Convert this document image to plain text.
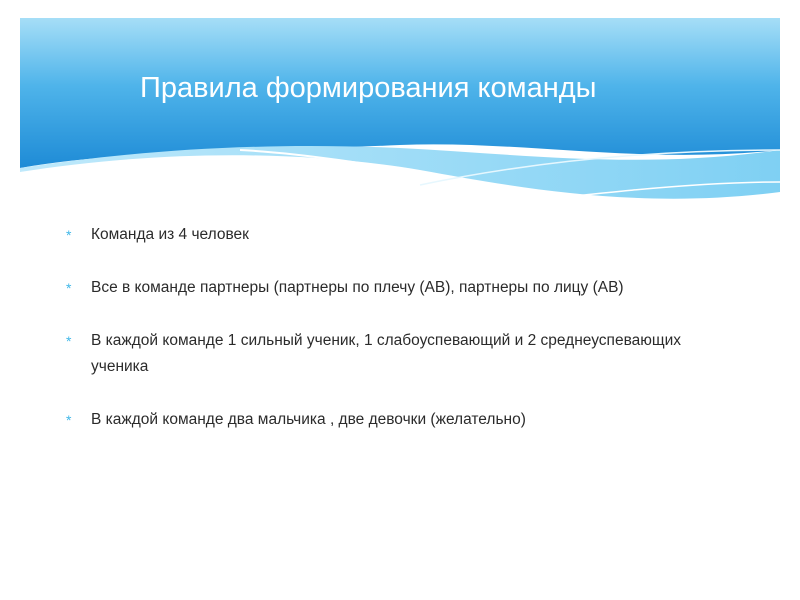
Правила формирования команды
* Команда из 4 человек
* Все в команде партнеры (партнеры по плечу (АВ), партнеры по лицу (АВ)
* В каждой команде 1 сильный ученик, 1 слабоуспевающий и 2 среднеуспевающих ученика
* В каждой команде два мальчика , две девочки (желательно)
